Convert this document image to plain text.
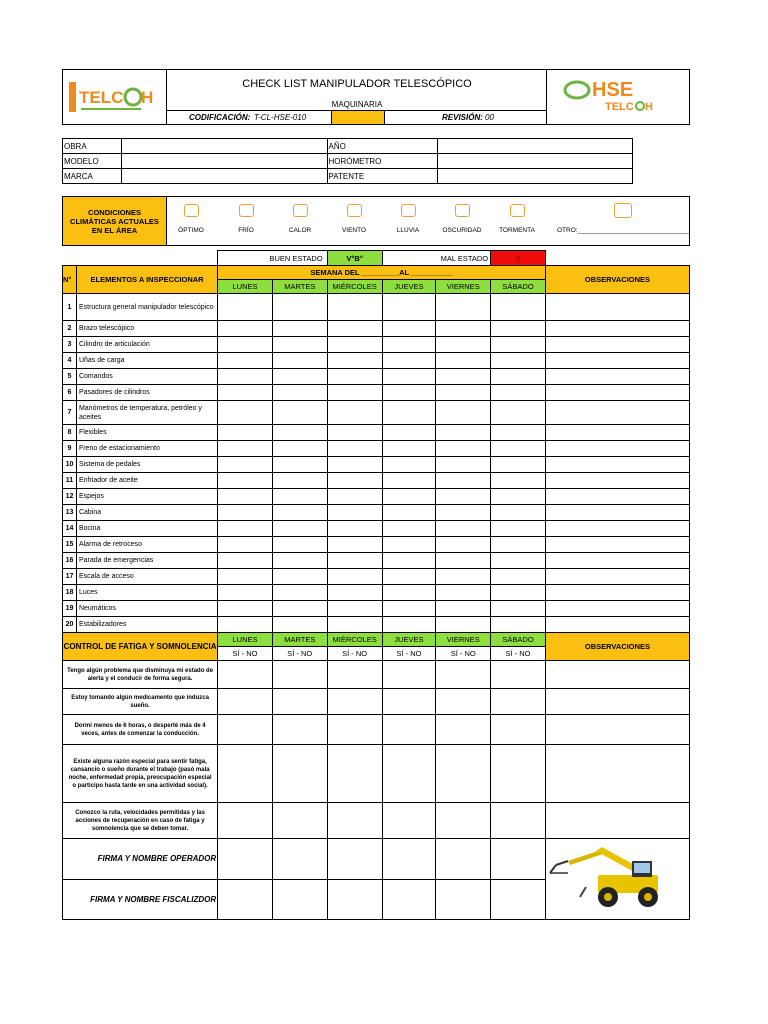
TELC H
CHECK LIST MANIPULADOR TELESCÓPICO
MAQUINARIA
CODIFICACIÓN: T-CL-HSE-010	REVISIÓN: 00
HSE
TELC H
OBRA		AÑO	
MODELO		HORÓMETRO	
MARCA		PATENTE	
CONDICIONES CLIMÁTICAS ACTUALES EN EL ÁREA	ÓPTIMO	FRÍO	CALOR	VIENTO	LLUVIA	OSCURIDAD	TORMENTA	OTRO:_______________________________
		BUEN ESTADO		V°B°	MAL ESTADO		X	
N°	ELEMENTOS A INSPECCIONAR	SEMANA DEL _________AL __________						OBSERVACIONES
		LUNES	MARTES	MIÉRCOLES	JUEVES	VIERNES	SÁBADO	
1	Estructura general manipulador telescópico							
2	Brazo telescópico							
3	Cilindro de articulación							
4	Uñas de carga							
5	Comandos							
6	Pasadores de cilindros							
7	Manómetros de temperatura, petróleo y aceites							
8	Flexibles							
9	Freno de estacionamiento							
10	Sistema de pedales							
11	Enfriador de aceite							
12	Espejos							
13	Cabina							
14	Bocina							
15	Alarma de retroceso							
16	Parada de emergencias							
17	Escala de acceso							
18	Luces							
19	Neumáticos							
20	Estabilizadores							
CONTROL DE FATIGA Y SOMNOLENCIA		LUNES	MARTES	MIÉRCOLES	JUEVES	VIERNES	SÁBADO	OBSERVACIONES
		SÍ - NO	SÍ - NO	SÍ - NO	SÍ - NO	SÍ - NO	SÍ - NO	
Tengo algún problema que disminuya mi estado de alerta y el conducir de forma segura.								
Estoy tomando algún medicamento que induzca sueño.								
Dormí menos de 6 horas, o desperté más de 4 veces, antes de comenzar la conducción.								
Existe alguna razón especial para sentir fatiga, cansancio o sueño durante el trabajo (pasó mala noche, enfermedad propia, preocupación especial o participo hasta tarde en una actividad social).								
Conozco la ruta, velocidades permitidas y las acciones de recuperación en caso de fatiga y somnolencia que se deben tomar.								
FIRMA Y NOMBRE OPERADOR							
FIRMA Y NOMBRE FISCALIZDOR								
